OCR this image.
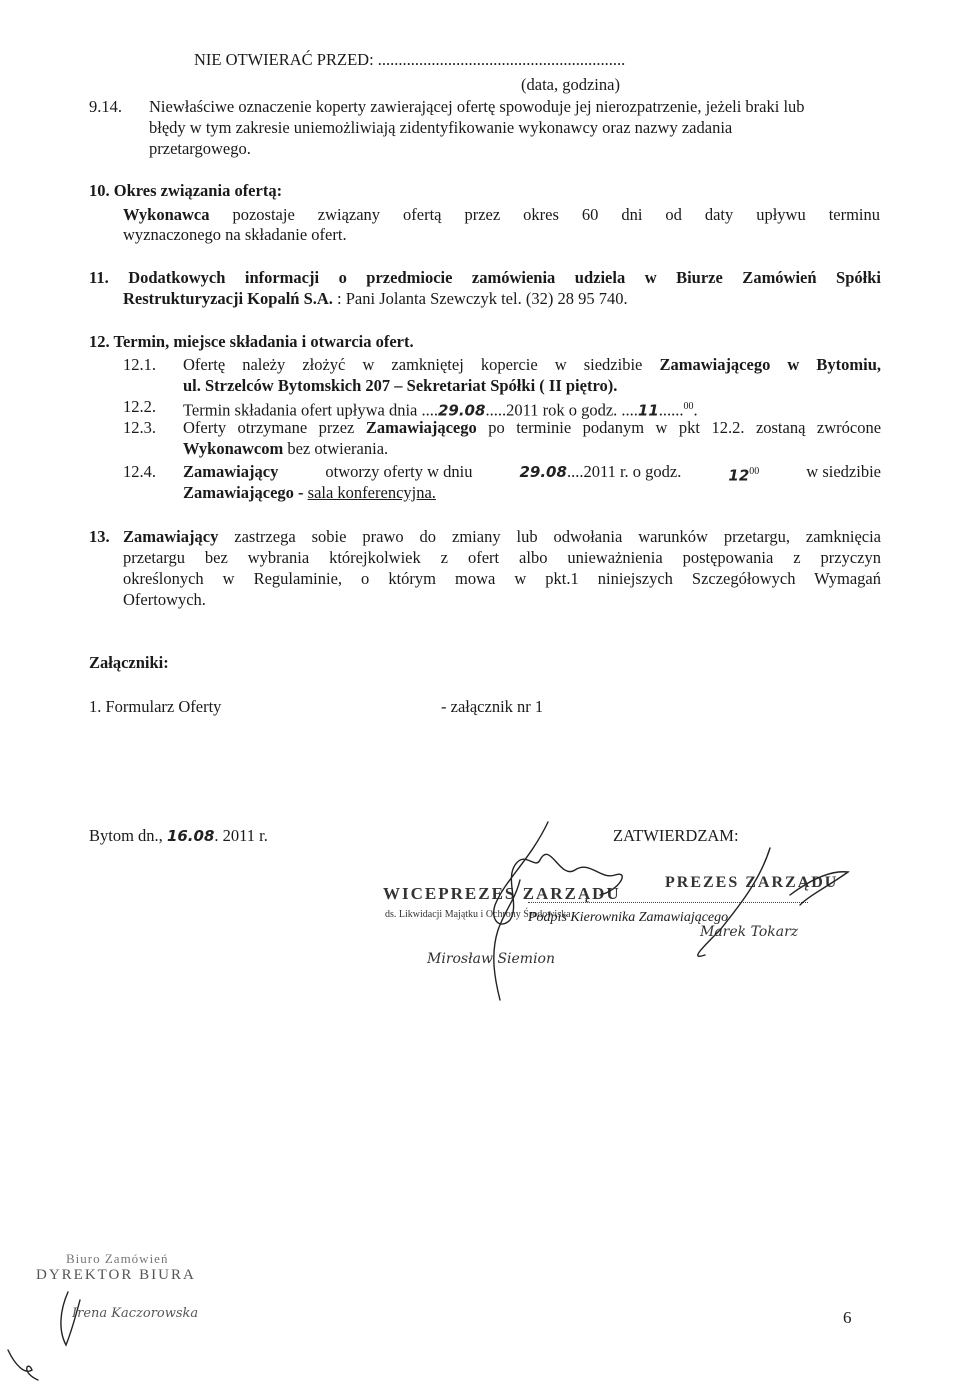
NIE OTWIERAĆ PRZED: ............................................................
(data, godzina)
9.14. Niewłaściwe oznaczenie koperty zawierającej ofertę spowoduje jej nierozpatrzenie, jeżeli braki lub
błędy w tym zakresie uniemożliwiają zidentyfikowanie wykonawcy oraz nazwy zadania
przetargowego.
10. Okres związania ofertą:
Wykonawca pozostaje związany ofertą przez okres 60 dni od daty upływu terminu
wyznaczonego na składanie ofert.
11. Dodatkowych informacji o przedmiocie zamówienia udziela w Biurze Zamówień Spółki
Restrukturyzacji Kopalń S.A. : Pani Jolanta Szewczyk tel. (32) 28 95 740.
12. Termin, miejsce składania i otwarcia ofert.
12.1. Ofertę należy złożyć w zamkniętej kopercie w siedzibie Zamawiającego w Bytomiu,
ul. Strzelców Bytomskich 207 – Sekretariat Spółki ( II piętro).
12.2. Termin składania ofert upływa dnia ....29.08.....2011 rok o godz. ....11......$^{00}$.
12.3. Oferty otrzymane przez Zamawiającego po terminie podanym w pkt 12.2. zostaną zwrócone
Wykonawcom bez otwierania.
12.4. Zamawiający	otworzy oferty w dniu	29.08....2011 r. o godz.	$12^{00}$	w siedzibie
Zamawiającego - sala konferencyjna.
13. Zamawiający zastrzega sobie prawo do zmiany lub odwołania warunków przetargu, zamknięcia
przetargu bez wybrania którejkolwiek z ofert albo unieważnienia postępowania z przyczyn
określonych w Regulaminie, o którym mowa w pkt.1 niniejszych Szczegółowych Wymagań
Ofertowych.
Załączniki:
1. Formularz Oferty	- załącznik nr 1
Bytom dn., 16.08. 2011 r.	ZATWIERDZAM:
WICEPREZES ZARZĄDU
ds. Likwidacji Majątku i Ochrony Środowiska
Mirosław Siemion
PREZES ZARZĄDU
Marek Tokarz
Podpis Kierownika Zamawiającego
Biuro Zamówień
DYREKTOR BIURA
Irena Kaczorowska	6
